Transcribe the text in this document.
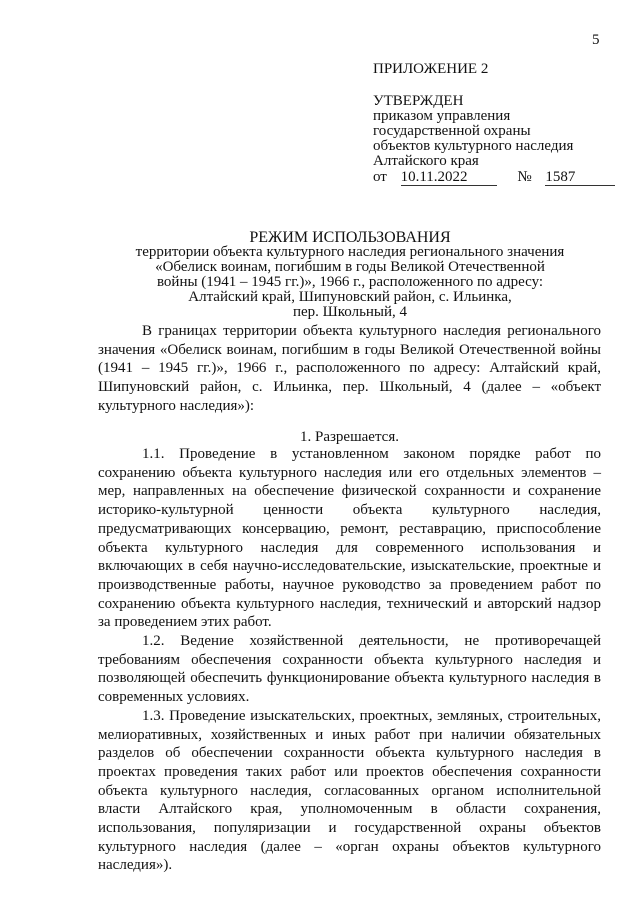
5
ПРИЛОЖЕНИЕ 2
УТВЕРЖДЕН
приказом управления
государственной охраны
объектов культурного наследия
Алтайского края
от 10.11.2022	№ 1587
РЕЖИМ ИСПОЛЬЗОВАНИЯ
территории объекта культурного наследия регионального значения
«Обелиск воинам, погибшим в годы Великой Отечественной
войны (1941 – 1945 гг.)», 1966 г., расположенного по адресу:
Алтайский край, Шипуновский район, с. Ильинка,
пер. Школьный, 4

В границах территории объекта культурного наследия регионального значения «Обелиск воинам, погибшим в годы Великой Отечественной войны (1941 – 1945 гг.)», 1966 г., расположенного по адресу: Алтайский край, Шипуновский район, с. Ильинка, пер. Школьный, 4 (далее – «объект культурного наследия»):

1. Разрешается.

1.1. Проведение в установленном законом порядке работ по сохранению объекта культурного наследия или его отдельных элементов – мер, направленных на обеспечение физической сохранности и сохранение историко-культурной ценности объекта культурного наследия, предусматривающих консервацию, ремонт, реставрацию, приспособление объекта культурного наследия для современного использования и включающих в себя научно-исследовательские, изыскательские, проектные и производственные работы, научное руководство за проведением работ по сохранению объекта культурного наследия, технический и авторский надзор за проведением этих работ.

1.2. Ведение хозяйственной деятельности, не противоречащей требованиям обеспечения сохранности объекта культурного наследия и позволяющей обеспечить функционирование объекта культурного наследия в современных условиях.

1.3. Проведение изыскательских, проектных, земляных, строительных, мелиоративных, хозяйственных и иных работ при наличии обязательных разделов об обеспечении сохранности объекта культурного наследия в проектах проведения таких работ или проектов обеспечения сохранности объекта культурного наследия, согласованных органом исполнительной власти Алтайского края, уполномоченным в области сохранения, использования, популяризации и государственной охраны объектов культурного наследия (далее – «орган охраны объектов культурного наследия»).
